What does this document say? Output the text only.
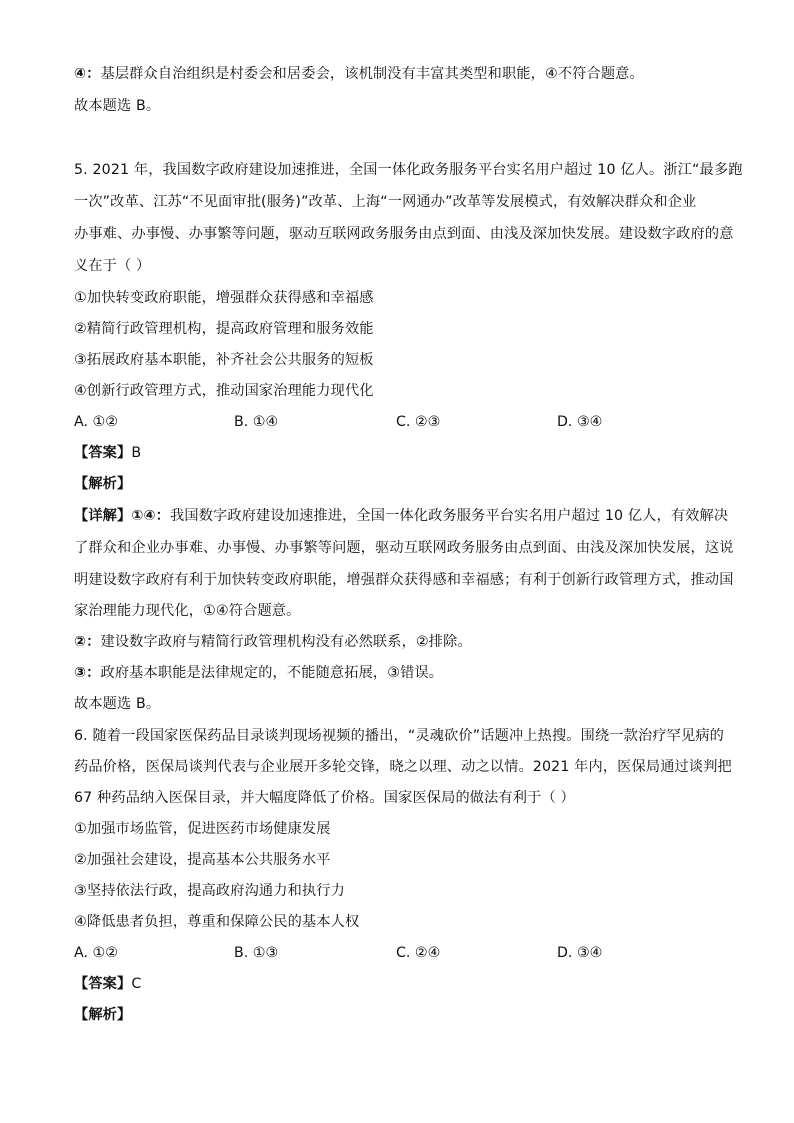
④：基层群众自治组织是村委会和居委会，该机制没有丰富其类型和职能，④不符合题意。
故本题选 B。
5. 2021 年，我国数字政府建设加速推进，全国一体化政务服务平台实名用户超过 10 亿人。浙江“最多跑
一次”改革、江苏“不见面审批(服务)”改革、上海“一网通办”改革等发展模式，有效解决群众和企业
办事难、办事慢、办事繁等问题，驱动互联网政务服务由点到面、由浅及深加快发展。建设数字政府的意
义在于（ ）
①加快转变政府职能，增强群众获得感和幸福感
②精简行政管理机构，提高政府管理和服务效能
③拓展政府基本职能，补齐社会公共服务的短板
④创新行政管理方式，推动国家治理能力现代化
A. ①②	B. ①④	C. ②③	D. ③④
【答案】B
【解析】
【详解】①④：我国数字政府建设加速推进，全国一体化政务服务平台实名用户超过 10 亿人，有效解决
了群众和企业办事难、办事慢、办事繁等问题，驱动互联网政务服务由点到面、由浅及深加快发展，这说
明建设数字政府有利于加快转变政府职能，增强群众获得感和幸福感；有利于创新行政管理方式，推动国
家治理能力现代化，①④符合题意。
②：建设数字政府与精简行政管理机构没有必然联系，②排除。
③：政府基本职能是法律规定的，不能随意拓展，③错误。
故本题选 B。
6. 随着一段国家医保药品目录谈判现场视频的播出，“灵魂砍价”话题冲上热搜。围绕一款治疗罕见病的
药品价格，医保局谈判代表与企业展开多轮交锋，晓之以理、动之以情。2021 年内，医保局通过谈判把
67 种药品纳入医保目录，并大幅度降低了价格。国家医保局的做法有利于（ ）
①加强市场监管，促进医药市场健康发展
②加强社会建设，提高基本公共服务水平
③坚持依法行政，提高政府沟通力和执行力
④降低患者负担，尊重和保障公民的基本人权
A. ①②	B. ①③	C. ②④	D. ③④
【答案】C
【解析】
